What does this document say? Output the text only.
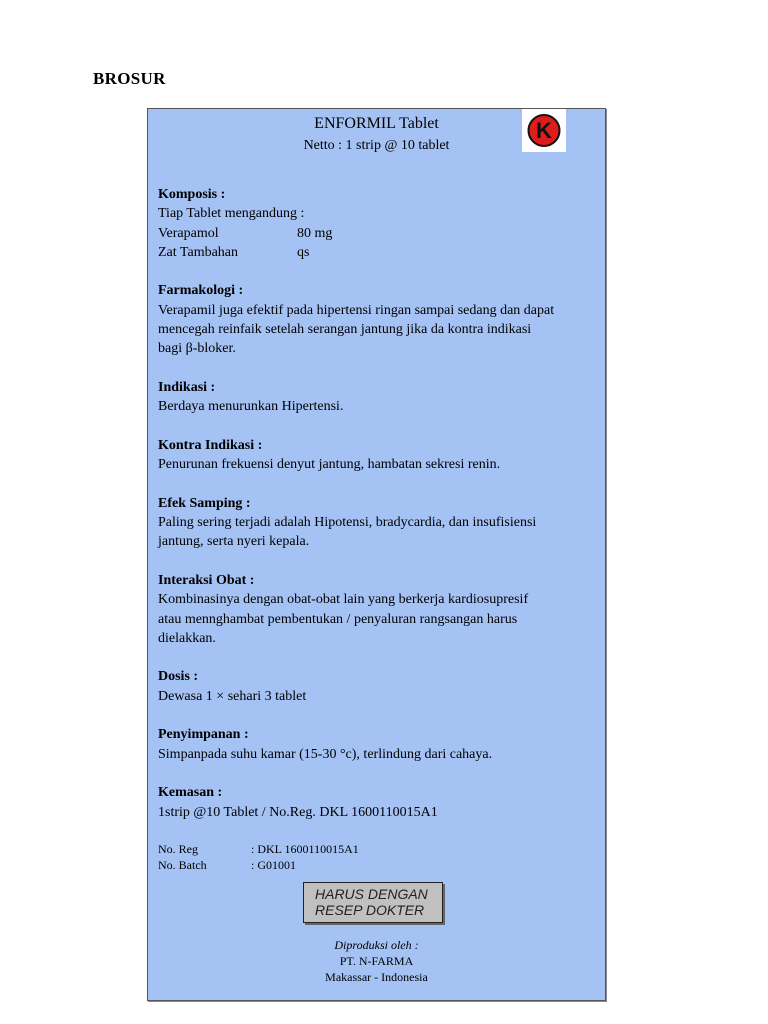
BROSUR
ENFORMIL Tablet
Netto : 1 strip @ 10 tablet
K
Komposis :
Tiap Tablet mengandung :
Verapamol	80 mg
Zat Tambahan	qs
Farmakologi :
Verapamil juga efektif pada hipertensi ringan sampai sedang dan dapat
mencegah reinfaik setelah serangan jantung jika da kontra indikasi
bagi β-bloker.
Indikasi :
Berdaya menurunkan Hipertensi.
Kontra Indikasi :
Penurunan frekuensi denyut jantung, hambatan sekresi renin.
Efek Samping :
Paling sering terjadi adalah Hipotensi, bradycardia, dan insufisiensi
jantung, serta nyeri kepala.
Interaksi Obat :
Kombinasinya dengan obat-obat lain yang berkerja kardiosupresif
atau mennghambat pembentukan / penyaluran rangsangan harus
dielakkan.
Dosis :
Dewasa 1 × sehari 3 tablet
Penyimpanan :
Simpanpada suhu kamar (15-30 °c), terlindung dari cahaya.
Kemasan :
1strip @10 Tablet / No.Reg. DKL 1600110015A1
No. Reg	: DKL 1600110015A1
No. Batch	: G01001
HARUS DENGAN
RESEP DOKTER
Diproduksi oleh :
PT. N-FARMA
Makassar - Indonesia
